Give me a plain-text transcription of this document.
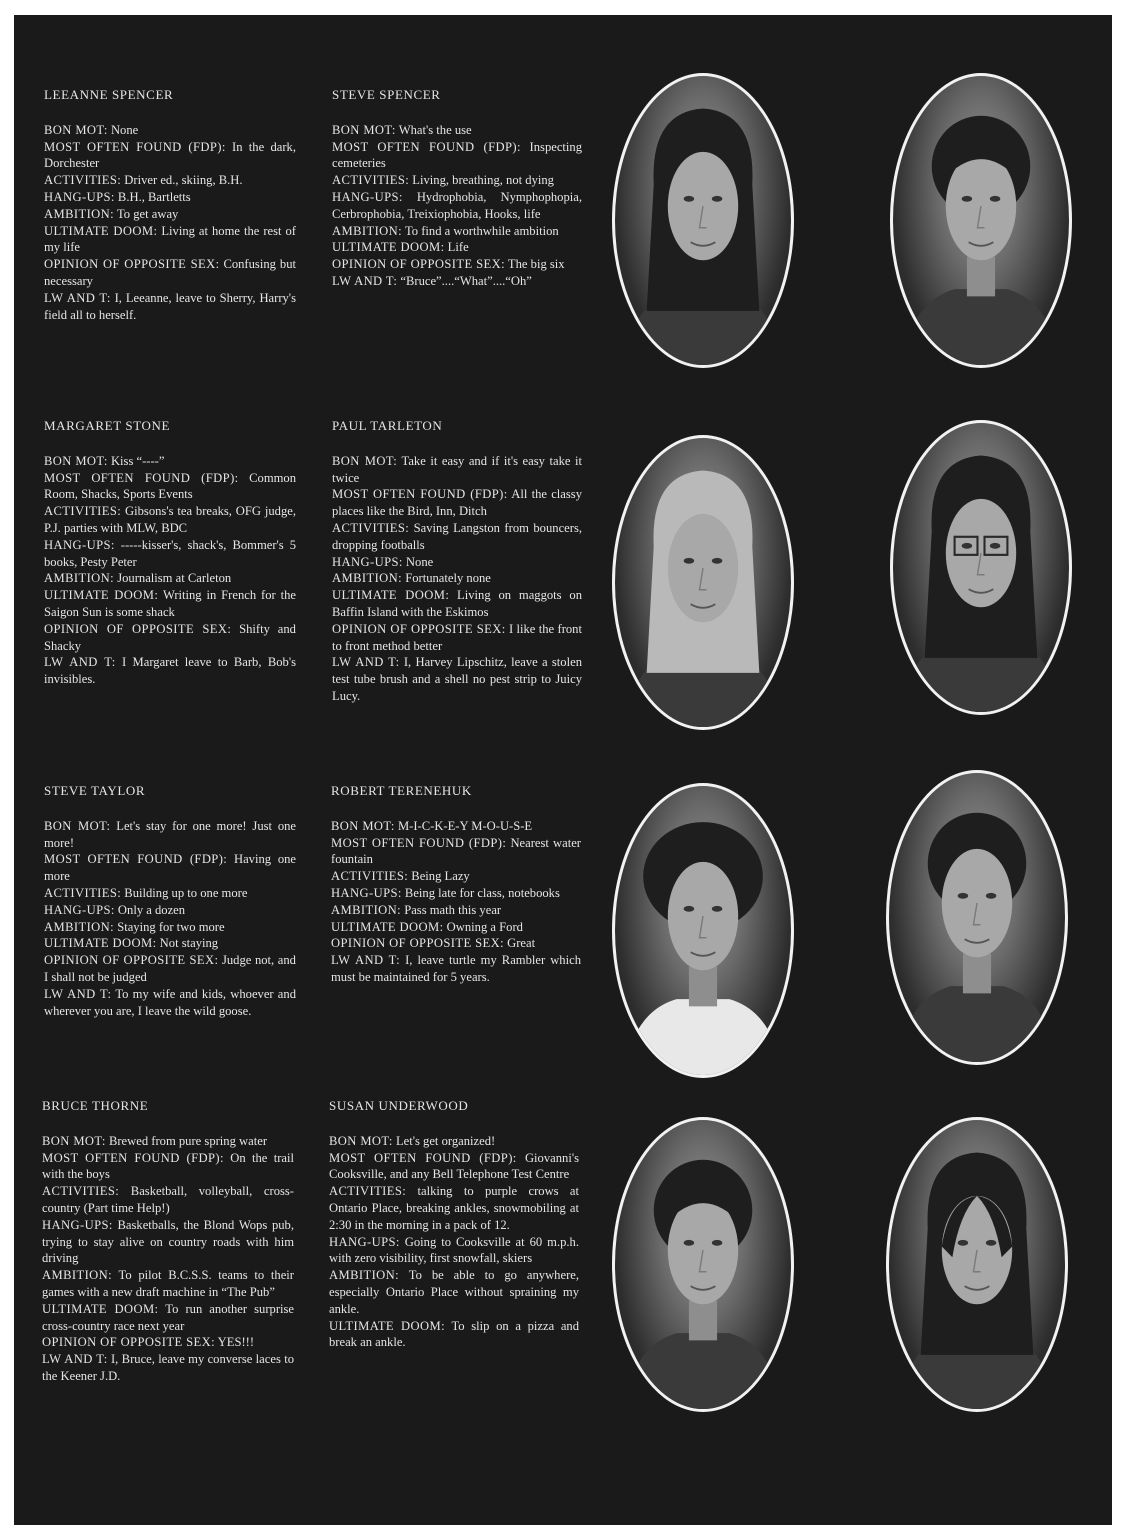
LEEANNE SPENCER
BON MOT: None
MOST OFTEN FOUND (FDP): In the dark, Dorchester
ACTIVITIES: Driver ed., skiing, B.H.
HANG-UPS: B.H., Bartletts
AMBITION: To get away
ULTIMATE DOOM: Living at home the rest of my life
OPINION OF OPPOSITE SEX: Confusing but necessary
LW AND T: I, Leeanne, leave to Sherry, Harry's field all to herself.
STEVE SPENCER
BON MOT: What's the use
MOST OFTEN FOUND (FDP): Inspecting cemeteries
ACTIVITIES: Living, breathing, not dying
HANG-UPS: Hydrophobia, Nymphophopia, Cerbrophobia, Treixiophobia, Hooks, life
AMBITION: To find a worthwhile ambition
ULTIMATE DOOM: Life
OPINION OF OPPOSITE SEX: The big six
LW AND T: “Bruce”....“What”....“Oh”
MARGARET STONE
BON MOT: Kiss “----”
MOST OFTEN FOUND (FDP): Common Room, Shacks, Sports Events
ACTIVITIES: Gibsons's tea breaks, OFG judge, P.J. parties with MLW, BDC
HANG-UPS: -----kisser's, shack's, Bommer's 5 books, Pesty Peter
AMBITION: Journalism at Carleton
ULTIMATE DOOM: Writing in French for the Saigon Sun is some shack
OPINION OF OPPOSITE SEX: Shifty and Shacky
LW AND T: I Margaret leave to Barb, Bob's invisibles.
PAUL TARLETON
BON MOT: Take it easy and if it's easy take it twice
MOST OFTEN FOUND (FDP): All the classy places like the Bird, Inn, Ditch
ACTIVITIES: Saving Langston from bouncers, dropping footballs
HANG-UPS: None
AMBITION: Fortunately none
ULTIMATE DOOM: Living on maggots on Baffin Island with the Eskimos
OPINION OF OPPOSITE SEX: I like the front to front method better
LW AND T: I, Harvey Lipschitz, leave a stolen test tube brush and a shell no pest strip to Juicy Lucy.
STEVE TAYLOR
BON MOT: Let's stay for one more! Just one more!
MOST OFTEN FOUND (FDP): Having one more
ACTIVITIES: Building up to one more
HANG-UPS: Only a dozen
AMBITION: Staying for two more
ULTIMATE DOOM: Not staying
OPINION OF OPPOSITE SEX: Judge not, and I shall not be judged
LW AND T: To my wife and kids, whoever and wherever you are, I leave the wild goose.
ROBERT TERENEHUK
BON MOT: M-I-C-K-E-Y M-O-U-S-E
MOST OFTEN FOUND (FDP): Nearest water fountain
ACTIVITIES: Being Lazy
HANG-UPS: Being late for class, notebooks
AMBITION: Pass math this year
ULTIMATE DOOM: Owning a Ford
OPINION OF OPPOSITE SEX: Great
LW AND T: I, leave turtle my Rambler which must be maintained for 5 years.
BRUCE THORNE
BON MOT: Brewed from pure spring water
MOST OFTEN FOUND (FDP): On the trail with the boys
ACTIVITIES: Basketball, volleyball, cross-country (Part time Help!)
HANG-UPS: Basketballs, the Blond Wops pub, trying to stay alive on country roads with him driving
AMBITION: To pilot B.C.S.S. teams to their games with a new draft machine in “The Pub”
ULTIMATE DOOM: To run another surprise cross-country race next year
OPINION OF OPPOSITE SEX: YES!!!
LW AND T: I, Bruce, leave my converse laces to the Keener J.D.
SUSAN UNDERWOOD
BON MOT: Let's get organized!
MOST OFTEN FOUND (FDP): Giovanni's Cooksville, and any Bell Telephone Test Centre
ACTIVITIES: talking to purple crows at Ontario Place, breaking ankles, snowmobiling at 2:30 in the morning in a pack of 12.
HANG-UPS: Going to Cooksville at 60 m.p.h. with zero visibility, first snowfall, skiers
AMBITION: To be able to go anywhere, especially Ontario Place without spraining my ankle.
ULTIMATE DOOM: To slip on a pizza and break an ankle.
